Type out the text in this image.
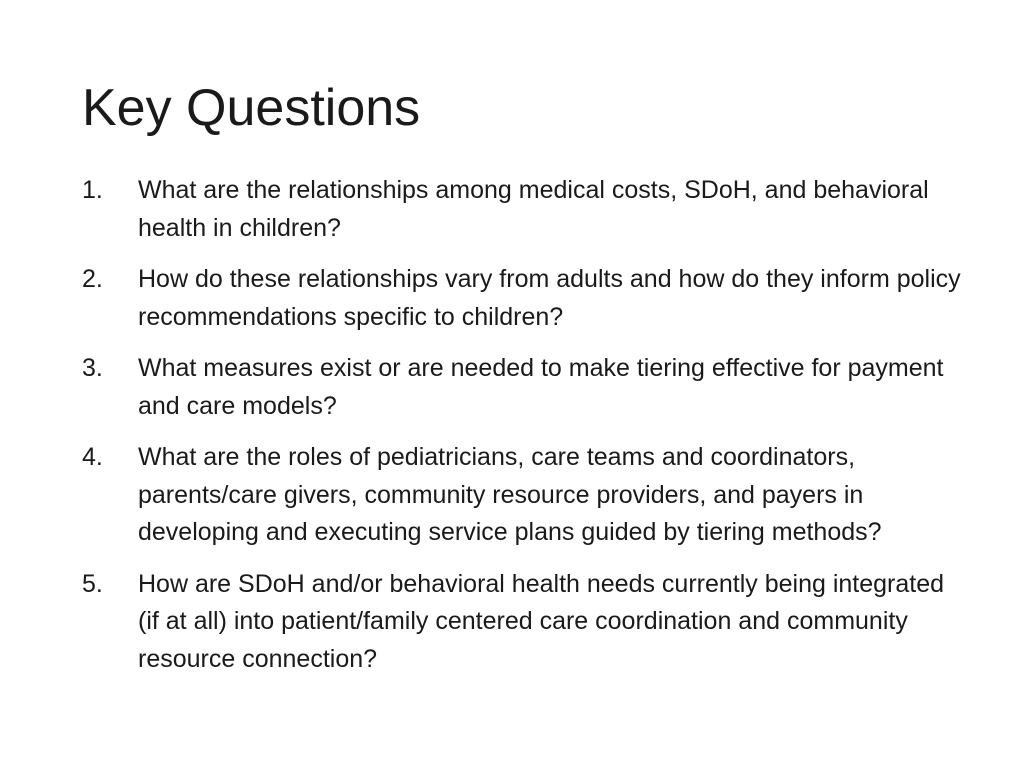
Key Questions
1.	What are the relationships among medical costs, SDoH, and behavioral health in children?
2.	How do these relationships vary from adults and how do they inform policy recommendations specific to children?
3.	What measures exist or are needed to make tiering effective for payment and care models?
4.	What are the roles of pediatricians, care teams and coordinators, parents/care givers, community resource providers, and payers in developing and executing service plans guided by tiering methods?
5.	How are SDoH and/or behavioral health needs currently being integrated (if at all) into patient/family centered care coordination and community resource connection?
